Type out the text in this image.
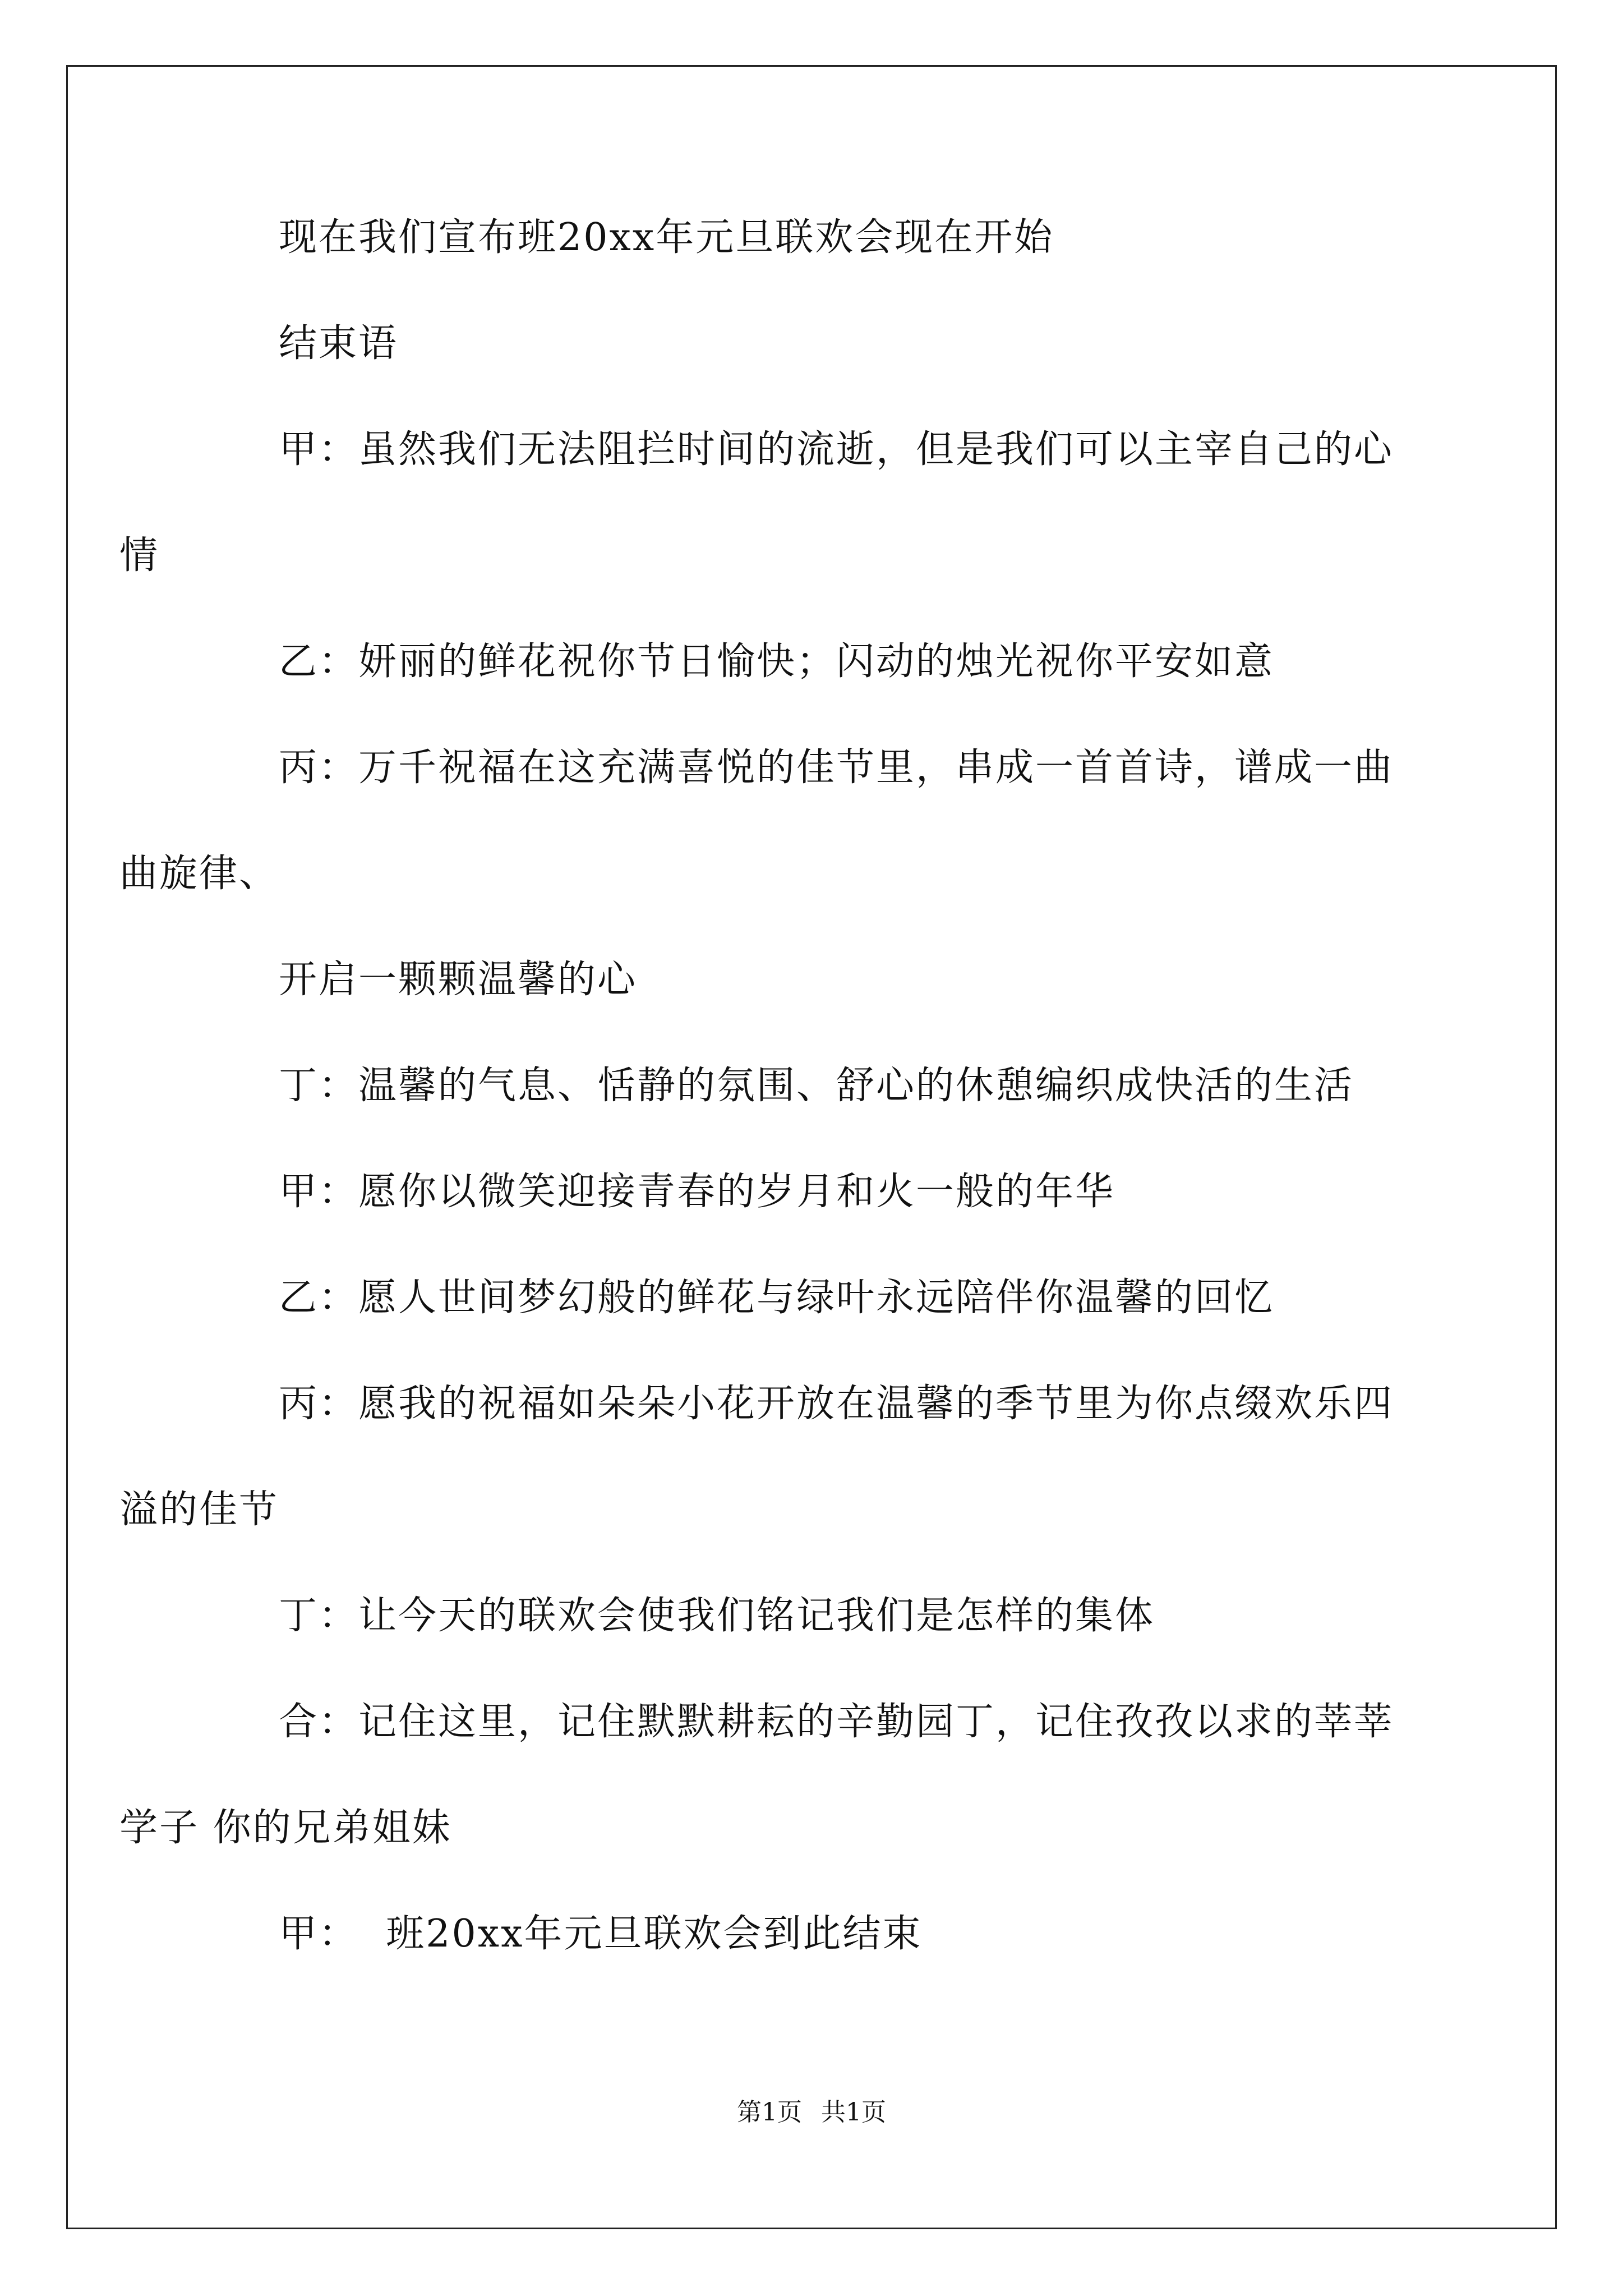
现在我们宣布班20xx年元旦联欢会现在开始
结束语
甲：虽然我们无法阻拦时间的流逝，但是我们可以主宰自己的心
情
乙：妍丽的鲜花祝你节日愉快；闪动的烛光祝你平安如意
丙：万千祝福在这充满喜悦的佳节里，串成一首首诗，谱成一曲
曲旋律、
开启一颗颗温馨的心
丁：温馨的气息、恬静的氛围、舒心的休憩编织成快活的生活
甲：愿你以微笑迎接青春的岁月和火一般的年华
乙：愿人世间梦幻般的鲜花与绿叶永远陪伴你温馨的回忆
丙：愿我的祝福如朵朵小花开放在温馨的季节里为你点缀欢乐四
溢的佳节
丁：让今天的联欢会使我们铭记我们是怎样的集体
合：记住这里，记住默默耕耘的辛勤园丁，记住孜孜以求的莘莘
学子 你的兄弟姐妹
甲：  班20xx年元旦联欢会到此结束
第1页 共1页
